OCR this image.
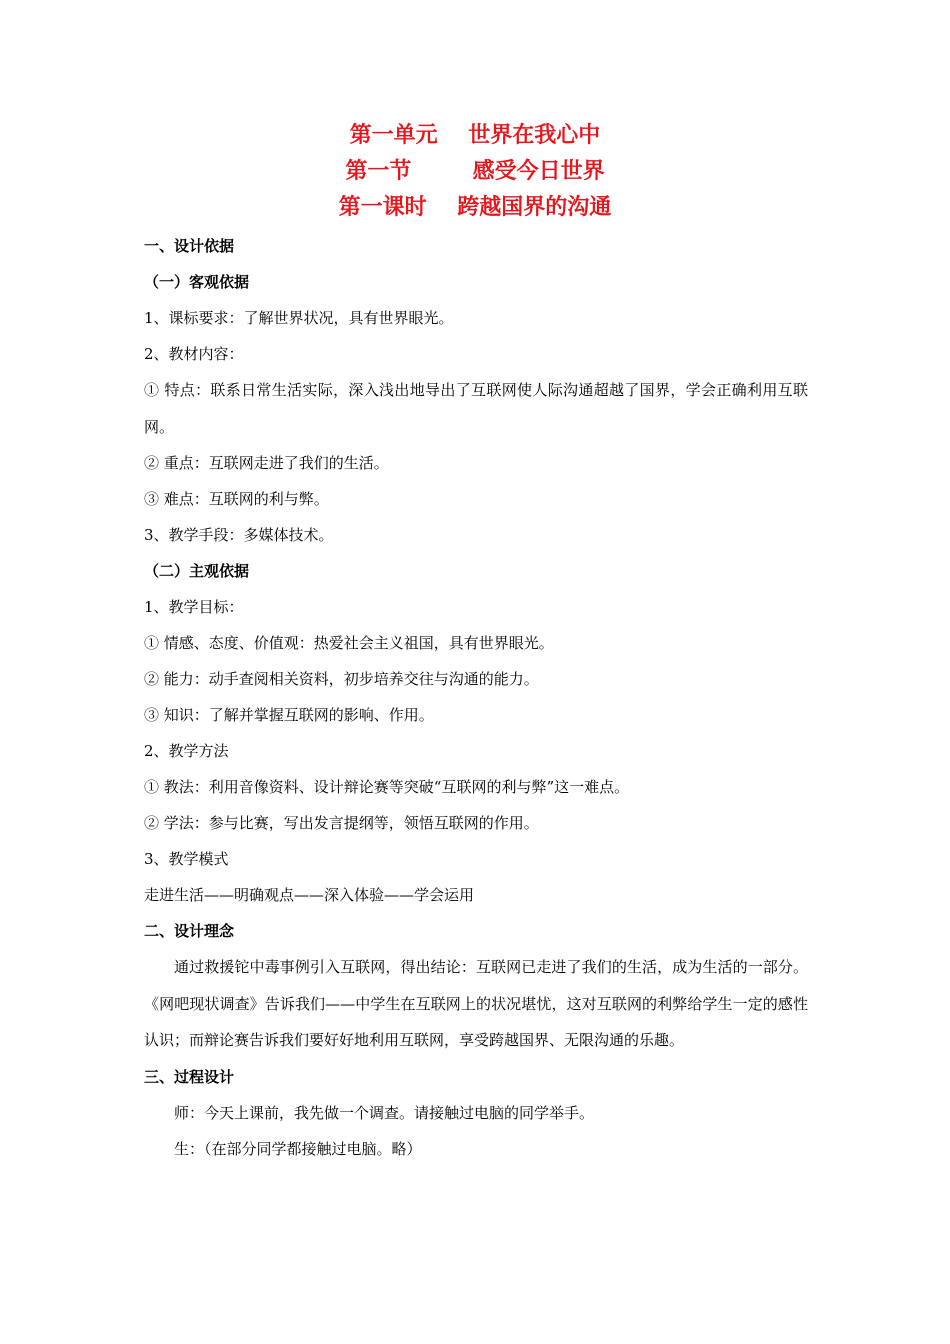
第一单元    世界在我心中
第一节        感受今日世界
第一课时    跨越国界的沟通
一、设计依据
（一）客观依据
1、课标要求：了解世界状况，具有世界眼光。
2、教材内容：

① 特点：联系日常生活实际，深入浅出地导出了互联网使人际沟通超越了国界，学会正确利用互联网。

② 重点：互联网走进了我们的生活。
③ 难点：互联网的利与弊。
3、教学手段：多媒体技术。
（二）主观依据
1、教学目标：
① 情感、态度、价值观：热爱社会主义祖国，具有世界眼光。
② 能力：动手查阅相关资料，初步培养交往与沟通的能力。
③ 知识：了解并掌握互联网的影响、作用。
2、教学方法
① 教法：利用音像资料、设计辩论赛等突破“互联网的利与弊”这一难点。
② 学法：参与比赛，写出发言提纲等，领悟互联网的作用。
3、教学模式
走进生活——明确观点——深入体验——学会运用
二、设计理念

通过救援铊中毒事例引入互联网，得出结论：互联网已走进了我们的生活，成为生活的一部分。《网吧现状调查》告诉我们——中学生在互联网上的状况堪忧，这对互联网的利弊给学生一定的感性认识；而辩论赛告诉我们要好好地利用互联网，享受跨越国界、无限沟通的乐趣。

三、过程设计
师：今天上课前，我先做一个调查。请接触过电脑的同学举手。
生：（在部分同学都接触过电脑。略）
